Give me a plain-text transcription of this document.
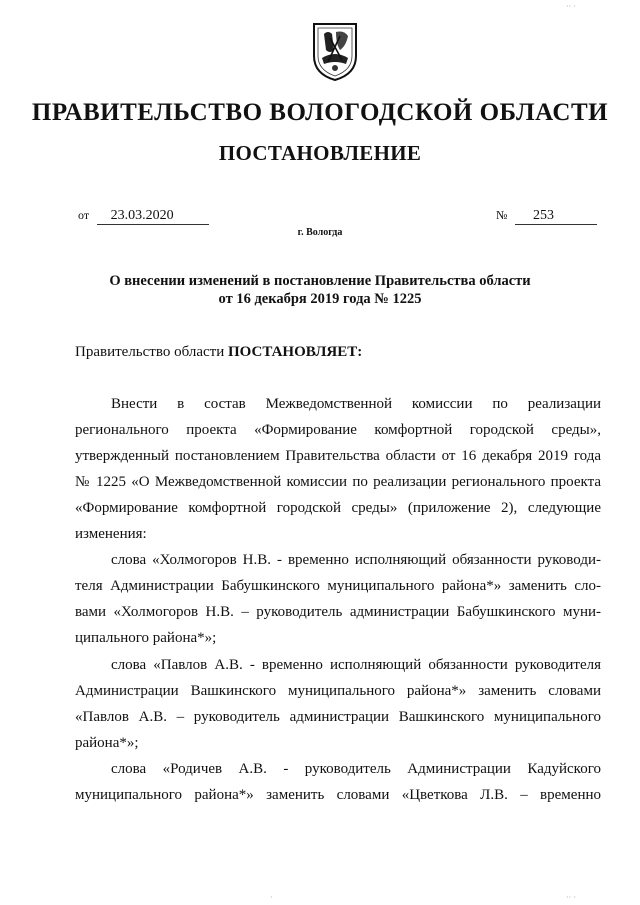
ПРАВИТЕЛЬСТВО ВОЛОГОДСКОЙ ОБЛАСТИ
ПОСТАНОВЛЕНИЕ
от 23.03.2020	№ 253
г. Вологда
О внесении изменений в постановление Правительства области
от 16 декабря 2019 года № 1225
Правительство области ПОСТАНОВЛЯЕТ:
Внести в состав Межведомственной комиссии по реализации
регионального проекта «Формирование комфортной городской среды»,
утвержденный постановлением Правительства области от 16 декабря 2019 года
№ 1225 «О Межведомственной комиссии по реализации регионального проекта
«Формирование комфортной городской среды» (приложение 2), следующие
изменения:
слова «Холмогоров Н.В. - временно исполняющий обязанности руководи-
теля Администрации Бабушкинского муниципального района*» заменить сло-
вами «Холмогоров Н.В. – руководитель администрации Бабушкинского муни-
ципального района*»;
слова «Павлов А.В. - временно исполняющий обязанности руководителя
Администрации Вашкинского муниципального района*» заменить словами
«Павлов А.В. – руководитель администрации Вашкинского муниципального
района*»;
слова «Родичев А.В. - руководитель Администрации Кадуйского
муниципального района*» заменить словами «Цветкова Л.В. – временно
·· ·
·	·· ·
